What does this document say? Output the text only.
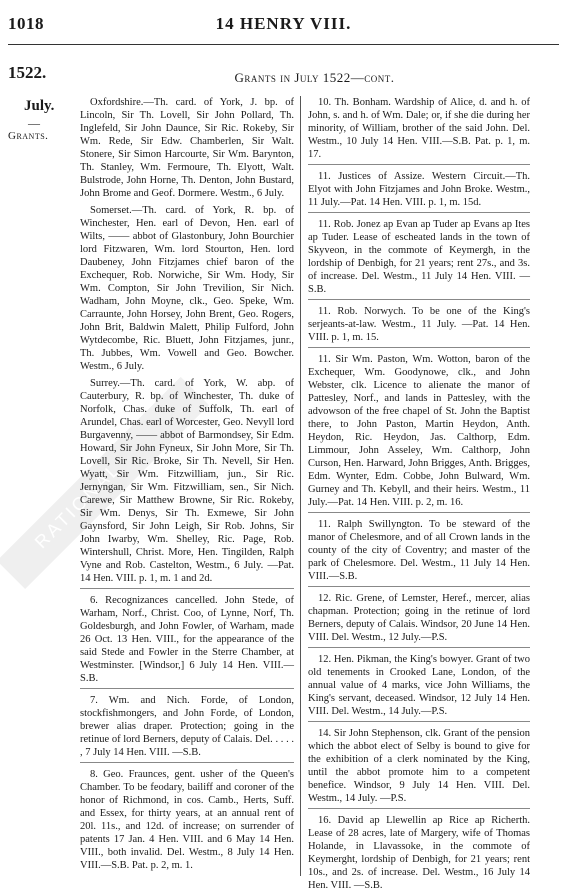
RATIONAL
1018	14 HENRY VIII.
1522.	Grants in July 1522—cont.
July.
—
Grants.

Oxfordshire.—Th. card. of York, J. bp. of Lincoln, Sir Th. Lovell, Sir John Pollard, Th. Inglefeld, Sir John Daunce, Sir Ric. Rokeby, Sir Wm. Rede, Sir Edw. Chamberlen, Sir Walt. Stonere, Sir Simon Harcourte, Sir Wm. Barynton, Th. Stanley, Wm. Fermoure, Th. Elyott, Walt. Bulstrode, John Horne, Th. Denton, John Bustard, John Brome and Geof. Dormere. Westm., 6 July.

Somerset.—Th. card. of York, R. bp. of Winchester, Hen. earl of Devon, Hen. earl of Wilts, —— abbot of Glastonbury, John Bourchier lord Fitzwaren, Wm. lord Stourton, Hen. lord Daubeney, John Fitzjames chief baron of the Exchequer, Rob. Norwiche, Sir Wm. Hody, Sir Wm. Compton, Sir John Trevilion, Sir Nich. Wadham, John Moyne, clk., Geo. Speke, Wm. Carraunte, John Horsey, John Brent, Geo. Rogers, John Brit, Baldwin Malett, Philip Fulford, John Wytdecombe, Ric. Bluett, John Fitzjames, junr., Th. Jubbes, Wm. Vowell and Geo. Bowcher. Westm., 6 July.

Surrey.—Th. card. of York, W. abp. of Cauterbury, R. bp. of Winchester, Th. duke of Norfolk, Chas. duke of Suffolk, Th. earl of Arundel, Chas. earl of Worcester, Geo. Nevyll lord Burgavenny, —— abbot of Barmondsey, Sir Edm. Howard, Sir John Fyneux, Sir John More, Sir Th. Lovell, Sir Ric. Broke, Sir Th. Nevell, Sir Hen. Wyatt, Sir Wm. Fitzwilliam, jun., Sir Ric. Jernyngan, Sir Wm. Fitzwilliam, sen., Sir Nich. Carewe, Sir Matthew Browne, Sir Ric. Rokeby, Sir Wm. Denys, Sir Th. Exmewe, Sir John Gaynsford, Sir John Leigh, Sir Rob. Johns, Sir John Iwarby, Wm. Shelley, Ric. Page, Rob. Wintershull, Christ. More, Hen. Tingilden, Ralph Vyne and Rob. Castelton, Westm., 6 July. —Pat. 14 Hen. VIII. p. 1, m. 1 and 2d.

6. Recognizances cancelled. John Stede, of Warham, Norf., Christ. Coo, of Lynne, Norf, Th. Goldesburgh, and John Fowler, of Warham, made 26 Oct. 13 Hen. VIII., for the appearance of the said Stede and Fowler in the Sterre Chamber, at Westminster. [Windsor,] 6 July 14 Hen. VIII.—S.B.

7. Wm. and Nich. Forde, of London, stockfishmongers, and John Forde, of London, brewer alias draper. Protection; going in the retinue of lord Berners, deputy of Calais. Del. . . . . , 7 July 14 Hen. VIII. —S.B.

8. Geo. Fraunces, gent. usher of the Queen's Chamber. To be feodary, bailiff and coroner of the honor of Richmond, in cos. Camb., Herts, Suff. and Essex, for thirty years, at an annual rent of 20l. 11s., and 12d. of increase; on surrender of patents 17 Jan. 4 Hen. VIII. and 6 May 14 Hen. VIII., both invalid. Del. Westm., 8 July 14 Hen. VIII.—S.B. Pat. p. 2, m. 1.

10. Th. Bonham. Wardship of Alice, d. and h. of John, s. and h. of Wm. Dale; or, if she die during her minority, of William, brother of the said John. Del. Westm., 10 July 14 Hen. VIII.—S.B. Pat. p. 1, m. 17.

11. Justices of Assize. Western Circuit.—Th. Elyot with John Fitzjames and John Broke. Westm., 11 July.—Pat. 14 Hen. VIII. p. 1, m. 15d.

11. Rob. Jonez ap Evan ap Tuder ap Evans ap Ites ap Tuder. Lease of escheated lands in the town of Skyveon, in the commote of Keymergh, in the lordship of Denbigh, for 21 years; rent 27s., and 3s. of increase. Del. Westm., 11 July 14 Hen. VIII. —S.B.

11. Rob. Norwych. To be one of the King's serjeants-at-law. Westm., 11 July. —Pat. 14 Hen. VIII. p. 1, m. 15.

11. Sir Wm. Paston, Wm. Wotton, baron of the Exchequer, Wm. Goodynowe, clk., and John Webster, clk. Licence to alienate the manor of Pattesley, Norf., and lands in Pattesley, with the advowson of the free chapel of St. John the Baptist there, to John Paston, Martin Heydon, Anth. Heydon, Ric. Heydon, Jas. Calthorp, Edm. Limmour, John Asseley, Wm. Calthorp, John Curson, Hen. Harward, John Brigges, Anth. Brigges, Edm. Wynter, Edm. Cobbe, John Bulward, Wm. Gurney and Th. Kebyll, and their heirs. Westm., 11 July.—Pat. 14 Hen. VIII. p. 2, m. 16.

11. Ralph Swillyngton. To be steward of the manor of Chelesmore, and of all Crown lands in the county of the city of Coventry; and master of the park of Chelesmore. Del. Westm., 11 July 14 Hen. VIII.—S.B.

12. Ric. Grene, of Lemster, Heref., mercer, alias chapman. Protection; going in the retinue of lord Berners, deputy of Calais. Windsor, 20 June 14 Hen. VIII. Del. Westm., 12 July.—P.S.

12. Hen. Pikman, the King's bowyer. Grant of two old tenements in Crooked Lane, London, of the annual value of 4 marks, vice John Williams, the King's servant, deceased. Windsor, 12 July 14 Hen. VIII. Del. Westm., 14 July.—P.S.

14. Sir John Stephenson, clk. Grant of the pension which the abbot elect of Selby is bound to give for the exhibition of a clerk nominated by the King, until the abbot promote him to a competent benefice. Windsor, 9 July 14 Hen. VIII. Del. Westm., 14 July. —P.S.

16. David ap Llewellin ap Rice ap Richerth. Lease of 28 acres, late of Margery, wife of Thomas Holande, in Llavassoke, in the commote of Keymerght, lordship of Denbigh, for 21 years; rent 10s., and 2s. of increase. Del. Westm., 16 July 14 Hen. VIII. —S.B.
